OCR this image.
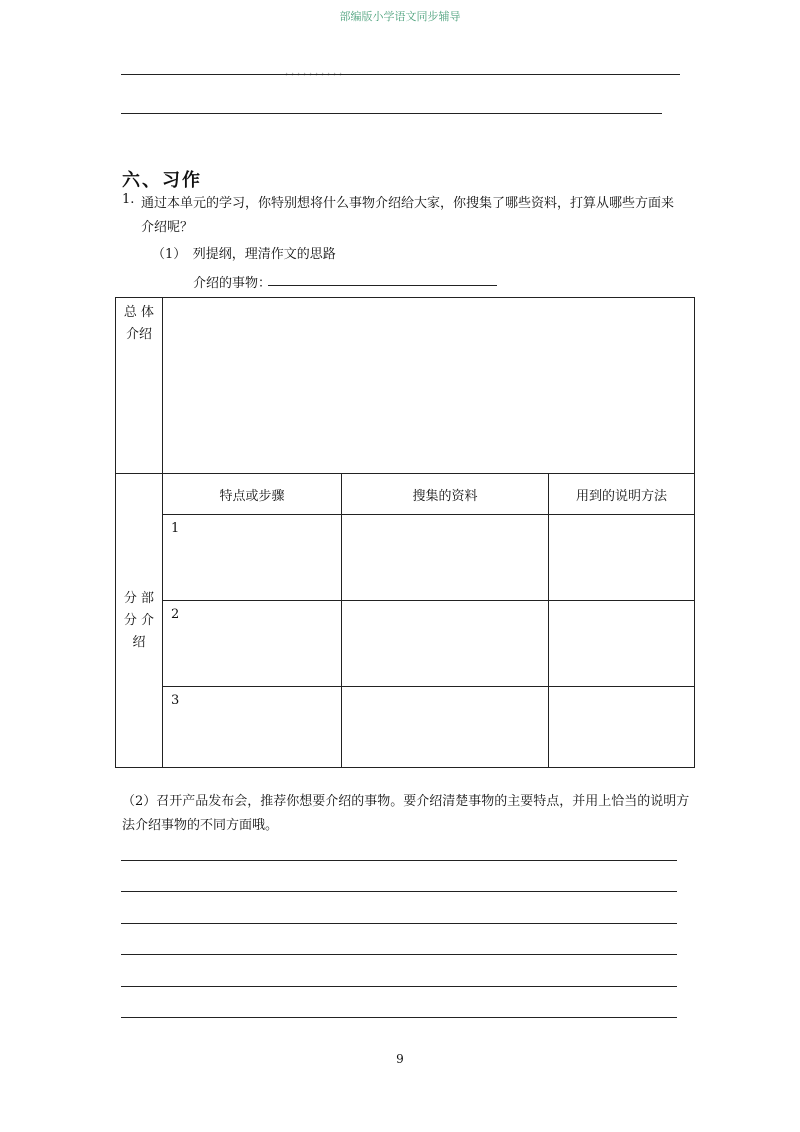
部编版小学语文同步辅导
，，，，，，，，，，
六、习作
1. 通过本单元的学习，你特别想将什么事物介绍给大家，你搜集了哪些资料，打算从哪些方面来介绍呢？
（1）　列提纲，理清作文的思路
介绍的事物：
总 体 介绍			
分 部 分 介 绍	特点或步骤	搜集的资料	用到的说明方法
	1		
	2		
	3		
（2）召开产品发布会，推荐你想要介绍的事物。要介绍清楚事物的主要特点，并用上恰当的说明方法介绍事物的不同方面哦。
9
